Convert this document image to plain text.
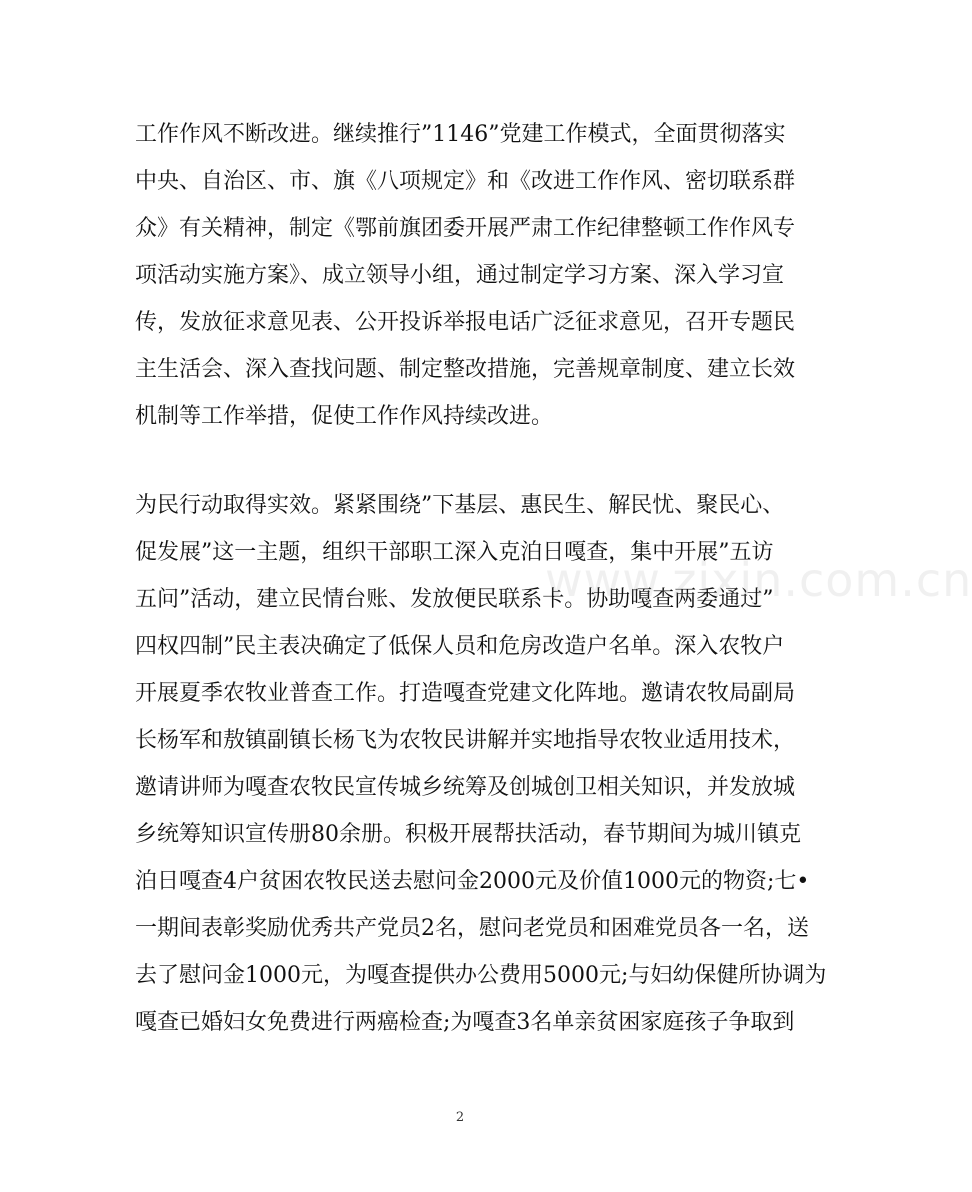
工作作风不断改进。继续推行”1146”党建工作模式，全面贯彻落实
中央、自治区、市、旗《八项规定》和《改进工作作风、密切联系群
众》有关精神，制定《鄂前旗团委开展严肃工作纪律整顿工作作风专
项活动实施方案》、成立领导小组，通过制定学习方案、深入学习宣
传，发放征求意见表、公开投诉举报电话广泛征求意见，召开专题民
主生活会、深入查找问题、制定整改措施，完善规章制度、建立长效
机制等工作举措，促使工作作风持续改进。
为民行动取得实效。紧紧围绕”下基层、惠民生、解民忧、聚民心、
促发展”这一主题，组织干部职工深入克泊日嘎查，集中开展”五访
五问”活动，建立民情台账、发放便民联系卡。协助嘎查两委通过”
四权四制”民主表决确定了低保人员和危房改造户名单。深入农牧户
开展夏季农牧业普查工作。打造嘎查党建文化阵地。邀请农牧局副局
长杨军和敖镇副镇长杨飞为农牧民讲解并实地指导农牧业适用技术，
邀请讲师为嘎查农牧民宣传城乡统筹及创城创卫相关知识，并发放城
乡统筹知识宣传册80余册。积极开展帮扶活动，春节期间为城川镇克
泊日嘎查4户贫困农牧民送去慰问金2000元及价值1000元的物资;七•
一期间表彰奖励优秀共产党员2名，慰问老党员和困难党员各一名，送
去了慰问金1000元，为嘎查提供办公费用5000元;与妇幼保健所协调为
嘎查已婚妇女免费进行两癌检查;为嘎查3名单亲贫困家庭孩子争取到
www.zixin.com.cn
2
